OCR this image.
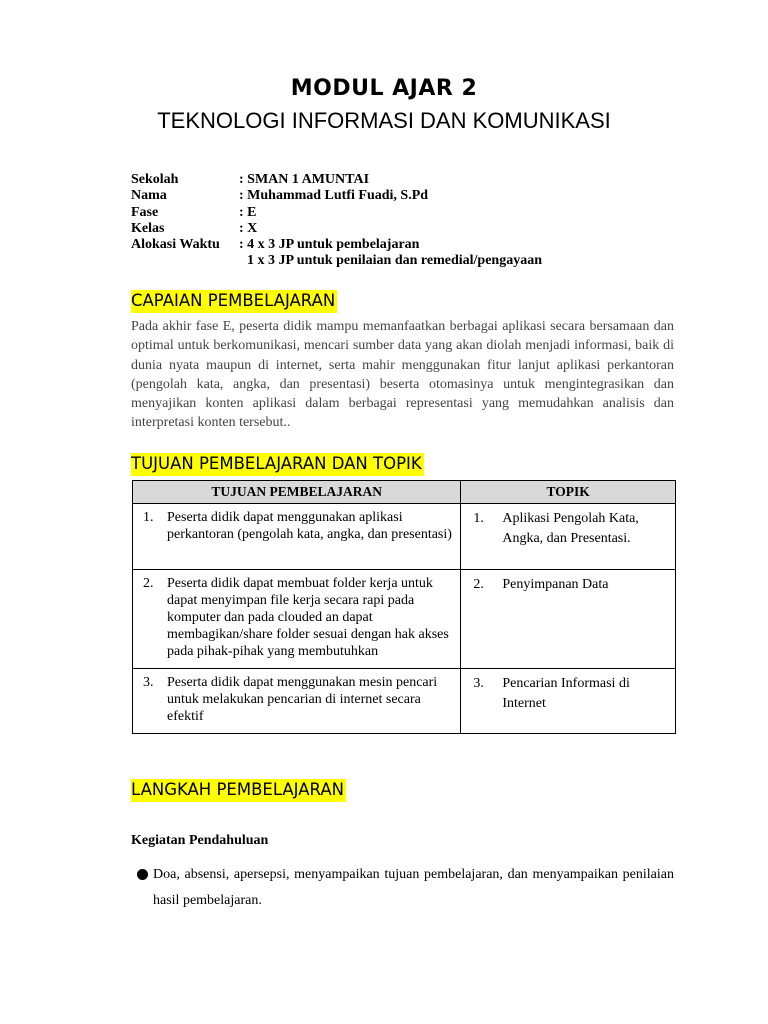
MODUL AJAR 2
TEKNOLOGI INFORMASI DAN KOMUNIKASI
Sekolah	: SMAN 1 AMUNTAI
Nama	: Muhammad Lutfi Fuadi, S.Pd
Fase	: E
Kelas	: X
Alokasi Waktu	: 4 x 3 JP untuk pembelajaran
1 x 3 JP untuk penilaian dan remedial/pengayaan
CAPAIAN PEMBELAJARAN
Pada akhir fase E, peserta didik mampu memanfaatkan berbagai aplikasi secara bersamaan dan optimal untuk berkomunikasi, mencari sumber data yang akan diolah menjadi informasi, baik di dunia nyata maupun di internet, serta mahir menggunakan fitur lanjut aplikasi perkantoran (pengolah kata, angka, dan presentasi) beserta otomasinya untuk mengintegrasikan dan menyajikan konten aplikasi dalam berbagai representasi yang memudahkan analisis dan interpretasi konten tersebut..
TUJUAN PEMBELAJARAN DAN TOPIK
TUJUAN PEMBELAJARAN	TOPIK

1. Peserta didik dapat menggunakan aplikasi perkantoran (pengolah kata, angka, dan presentasi)	1. Aplikasi Pengolah Kata, Angka, dan Presentasi.

2. Peserta didik dapat membuat folder kerja untuk dapat menyimpan file kerja secara rapi pada komputer dan pada clouded an dapat membagikan/share folder sesuai dengan hak akses pada pihak-pihak yang membutuhkan	2. Penyimpanan Data

3. Peserta didik dapat menggunakan mesin pencari untuk melakukan pencarian di internet secara efektif	3. Pencarian Informasi di Internet
LANGKAH PEMBELAJARAN
Kegiatan Pendahuluan
Doa, absensi, apersepsi, menyampaikan tujuan pembelajaran, dan menyampaikan penilaian hasil pembelajaran.
